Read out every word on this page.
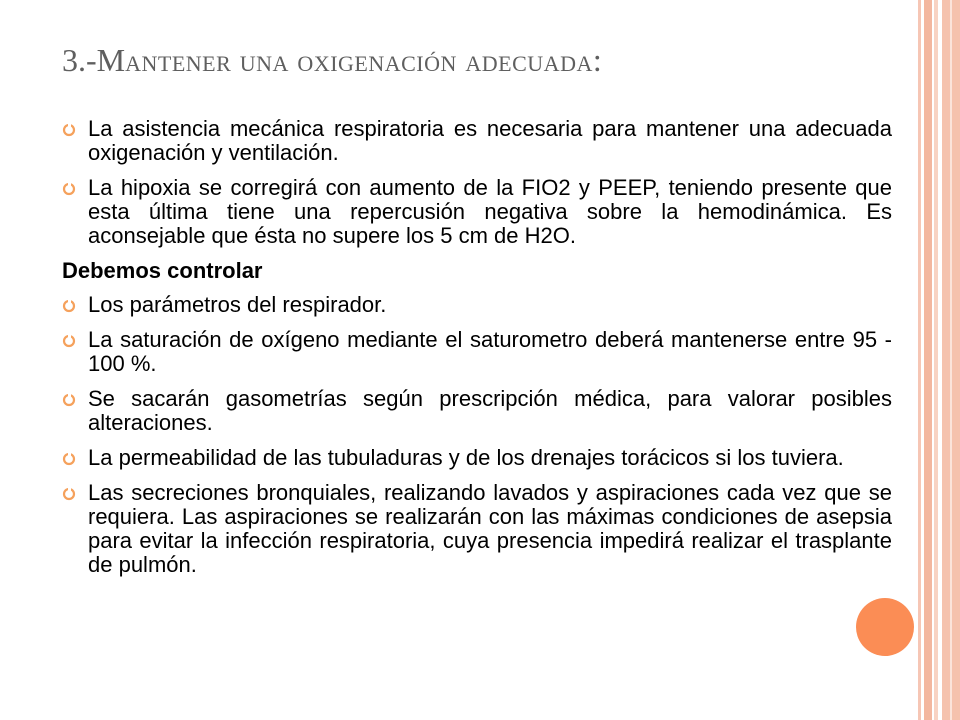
3.-Mantener una oxigenación adecuada:
La asistencia mecánica respiratoria es necesaria para mantener una adecuada oxigenación y ventilación.
La hipoxia se corregirá con aumento de la FIO2 y PEEP, teniendo presente que esta última tiene una repercusión negativa sobre la hemodinámica. Es aconsejable que ésta no supere los 5 cm de H2O.
Debemos controlar
Los parámetros del respirador.
La saturación de oxígeno mediante el saturometro deberá mantenerse entre 95 - 100 %.
Se sacarán gasometrías según prescripción médica, para valorar posibles alteraciones.
La permeabilidad de las tubuladuras y de los drenajes torácicos si los tuviera.
Las secreciones bronquiales, realizando lavados y aspiraciones cada vez que se requiera. Las aspiraciones se realizarán con las máximas condiciones de asepsia para evitar la infección respiratoria, cuya presencia impedirá realizar el trasplante de pulmón.
